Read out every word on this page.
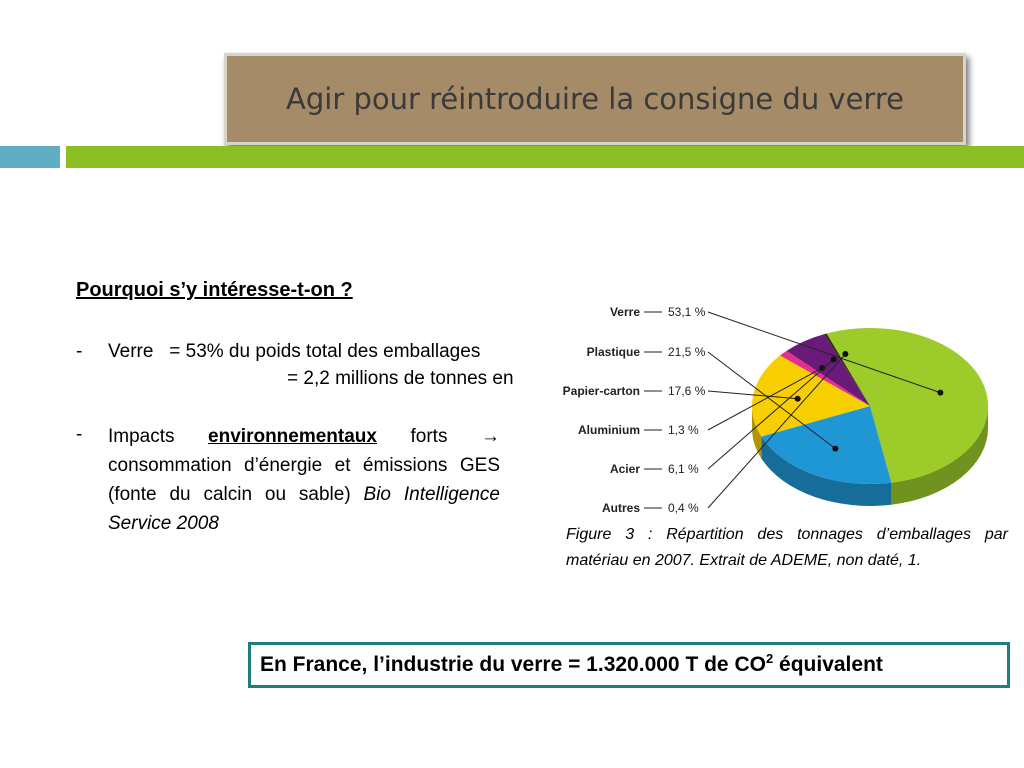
Agir pour réintroduire la consigne du verre
Pourquoi s’y intéresse-t-on ?
- Verre   = 53% du poids total des emballages
= 2,2 millions de tonnes en
- Impacts environnementaux forts → consommation d’énergie et émissions GES (fonte du calcin ou sable) Bio Intelligence Service 2008
Verre 53,1 %
Plastique 21,5 %
Papier-carton 17,6 %
Aluminium 1,3 %
Acier 6,1 %
Autres 0,4 %
Figure 3 : Répartition des tonnages d’emballages par matériau en 2007. Extrait de ADEME, non daté, 1.
En France, l’industrie du verre = 1.320.000 T de $CO^2$ équivalent
